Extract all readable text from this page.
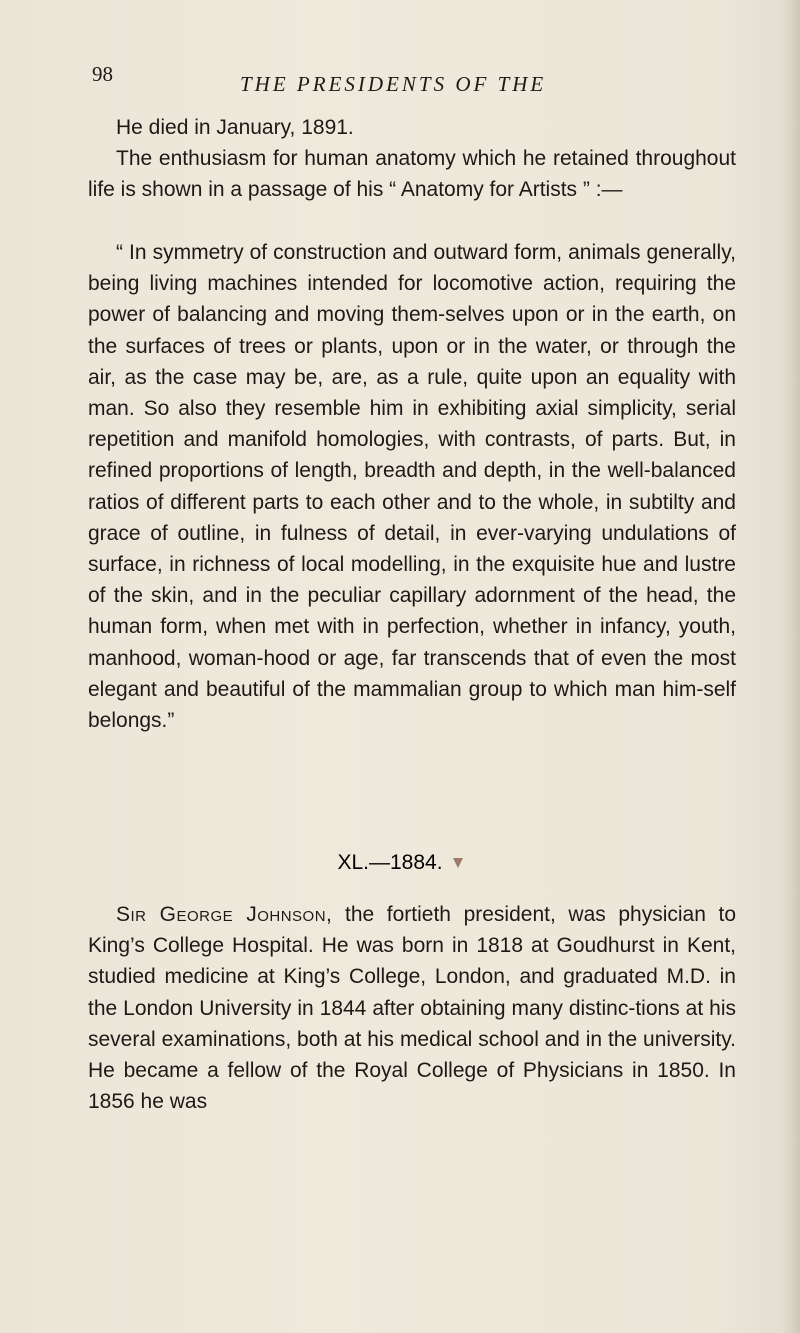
98	THE PRESIDENTS OF THE

He died in January, 1891.

The enthusiasm for human anatomy which he retained throughout life is shown in a passage of his “ Anatomy for Artists ” :—

“ In symmetry of construction and outward form, animals generally, being living machines intended for locomotive action, requiring the power of balancing and moving them-selves upon or in the earth, on the surfaces of trees or plants, upon or in the water, or through the air, as the case may be, are, as a rule, quite upon an equality with man. So also they resemble him in exhibiting axial simplicity, serial repetition and manifold homologies, with contrasts, of parts. But, in refined proportions of length, breadth and depth, in the well-balanced ratios of different parts to each other and to the whole, in subtilty and grace of outline, in fulness of detail, in ever-varying undulations of surface, in richness of local modelling, in the exquisite hue and lustre of the skin, and in the peculiar capillary adornment of the head, the human form, when met with in perfection, whether in infancy, youth, manhood, woman-hood or age, far transcends that of even the most elegant and beautiful of the mammalian group to which man him-self belongs.”

XL.—1884.

Sir George Johnson, the fortieth president, was physician to King’s College Hospital. He was born in 1818 at Goudhurst in Kent, studied medicine at King’s College, London, and graduated M.D. in the London University in 1844 after obtaining many distinc-tions at his several examinations, both at his medical school and in the university. He became a fellow of the Royal College of Physicians in 1850. In 1856 he was
